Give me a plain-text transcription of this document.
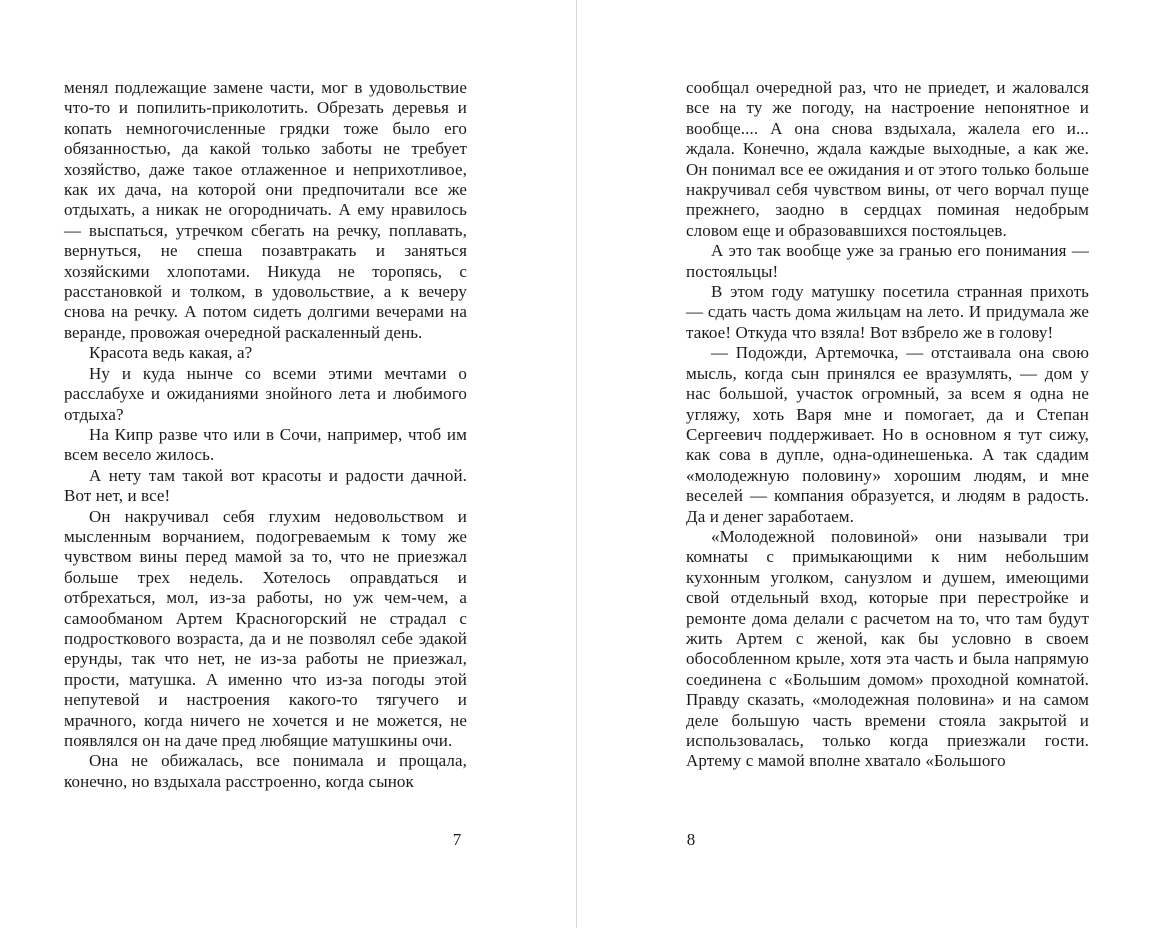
менял подлежащие замене части, мог в удовольствие что-то и попилить-приколотить. Обрезать деревья и копать немногочисленные грядки тоже было его обязанностью, да какой только заботы не требует хозяйство, даже такое отлаженное и неприхотливое, как их дача, на которой они предпочитали все же отдыхать, а никак не огородничать. А ему нравилось — выспаться, утречком сбегать на речку, поплавать, вернуться, не спеша позавтракать и заняться хозяйскими хлопотами. Никуда не торопясь, с расстановкой и толком, в удовольствие, а к вечеру снова на речку. А потом сидеть долгими вечерами на веранде, провожая очередной раскаленный день.

Красота ведь какая, а?

Ну и куда нынче со всеми этими мечтами о расслабухе и ожиданиями знойного лета и любимого отдыха?

На Кипр разве что или в Сочи, например, чтоб им всем весело жилось.

А нету там такой вот красоты и радости дачной. Вот нет, и все!

Он накручивал себя глухим недовольством и мысленным ворчанием, подогреваемым к тому же чувством вины перед мамой за то, что не приезжал больше трех недель. Хотелось оправдаться и отбрехаться, мол, из-за работы, но уж чем-чем, а самообманом Артем Красногорский не страдал с подросткового возраста, да и не позволял себе эдакой ерунды, так что нет, не из-за работы не приезжал, прости, матушка. А именно что из-за погоды этой непутевой и настроения какого-то тягучего и мрачного, когда ничего не хочется и не можется, не появлялся он на даче пред любящие матушкины очи.

Она не обижалась, все понимала и прощала, конечно, но вздыхала расстроенно, когда сынок

7

сообщал очередной раз, что не приедет, и жаловался все на ту же погоду, на настроение непонятное и вообще.... А она снова вздыхала, жалела его и... ждала. Конечно, ждала каждые выходные, а как же. Он понимал все ее ожидания и от этого только больше накручивал себя чувством вины, от чего ворчал пуще прежнего, заодно в сердцах поминая недобрым словом еще и образовавшихся постояльцев.

А это так вообще уже за гранью его понимания — постояльцы!

В этом году матушку посетила странная прихоть — сдать часть дома жильцам на лето. И придумала же такое! Откуда что взяла! Вот взбрело же в голову!

— Подожди, Артемочка, — отстаивала она свою мысль, когда сын принялся ее вразумлять, — дом у нас большой, участок огромный, за всем я одна не угляжу, хоть Варя мне и помогает, да и Степан Сергеевич поддерживает. Но в основном я тут сижу, как сова в дупле, одна-одинешенька. А так сдадим «молодежную половину» хорошим людям, и мне веселей — компания образуется, и людям в радость. Да и денег заработаем.

«Молодежной половиной» они называли три комнаты с примыкающими к ним небольшим кухонным уголком, санузлом и душем, имеющими свой отдельный вход, которые при перестройке и ремонте дома делали с расчетом на то, что там будут жить Артем с женой, как бы условно в своем обособленном крыле, хотя эта часть и была напрямую соединена с «Большим домом» проходной комнатой. Правду сказать, «молодежная половина» и на самом деле большую часть времени стояла закрытой и использовалась, только когда приезжали гости. Артему с мамой вполне хватало «Большого

8
